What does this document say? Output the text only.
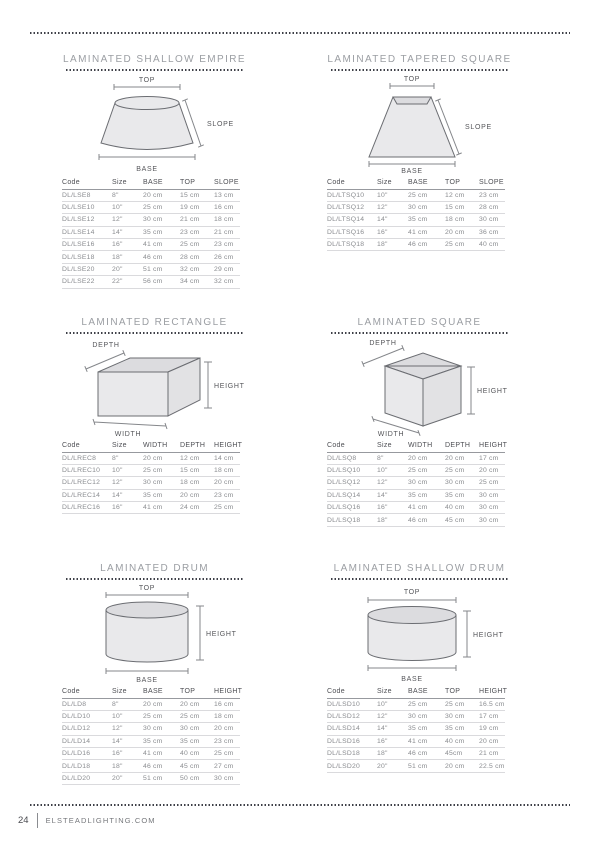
LAMINATED SHALLOW EMPIRE
TOP
SLOPE
BASE
Code	Size	BASE	TOP	SLOPE
DL/LSE8	8"	20 cm	15 cm	13 cm
DL/LSE10	10"	25 cm	19 cm	16 cm
DL/LSE12	12"	30 cm	21 cm	18 cm
DL/LSE14	14"	35 cm	23 cm	21 cm
DL/LSE16	16"	41 cm	25 cm	23 cm
DL/LSE18	18"	46 cm	28 cm	26 cm
DL/LSE20	20"	51 cm	32 cm	29 cm
DL/LSE22	22"	56 cm	34 cm	32 cm
LAMINATED TAPERED SQUARE
TOP
SLOPE
BASE
Code	Size	BASE	TOP	SLOPE
DL/LTSQ10	10"	25 cm	12 cm	23 cm
DL/LTSQ12	12"	30 cm	15 cm	28 cm
DL/LTSQ14	14"	35 cm	18 cm	30 cm
DL/LTSQ16	16"	41 cm	20 cm	36 cm
DL/LTSQ18	18"	46 cm	25 cm	40 cm
LAMINATED RECTANGLE
DEPTH
HEIGHT
WIDTH
Code	Size	WIDTH	DEPTH	HEIGHT
DL/LREC8	8"	20 cm	12 cm	14 cm
DL/LREC10	10"	25 cm	15 cm	18 cm
DL/LREC12	12"	30 cm	18 cm	20 cm
DL/LREC14	14"	35 cm	20 cm	23 cm
DL/LREC16	16"	41 cm	24 cm	25 cm
LAMINATED SQUARE
DEPTH
HEIGHT
WIDTH
Code	Size	WIDTH	DEPTH	HEIGHT
DL/LSQ8	8"	20 cm	20 cm	17 cm
DL/LSQ10	10"	25 cm	25 cm	20 cm
DL/LSQ12	12"	30 cm	30 cm	25 cm
DL/LSQ14	14"	35 cm	35 cm	30 cm
DL/LSQ16	16"	41 cm	40 cm	30 cm
DL/LSQ18	18"	46 cm	45 cm	30 cm
LAMINATED DRUM
TOP
HEIGHT
BASE
Code	Size	BASE	TOP	HEIGHT
DL/LD8	8"	20 cm	20 cm	16 cm
DL/LD10	10"	25 cm	25 cm	18 cm
DL/LD12	12"	30 cm	30 cm	20 cm
DL/LD14	14"	35 cm	35 cm	23 cm
DL/LD16	16"	41 cm	40 cm	25 cm
DL/LD18	18"	46 cm	45 cm	27 cm
DL/LD20	20"	51 cm	50 cm	30 cm
LAMINATED SHALLOW DRUM
TOP
HEIGHT
BASE
Code	Size	BASE	TOP	HEIGHT
DL/LSD10	10"	25 cm	25 cm	16.5 cm
DL/LSD12	12"	30 cm	30 cm	17 cm
DL/LSD14	14"	35 cm	35 cm	19 cm
DL/LSD16	16"	41 cm	40 cm	20 cm
DL/LSD18	18"	46 cm	45cm	21 cm
DL/LSD20	20"	51 cm	20 cm	22.5 cm
24 ELSTEADLIGHTING.COM
